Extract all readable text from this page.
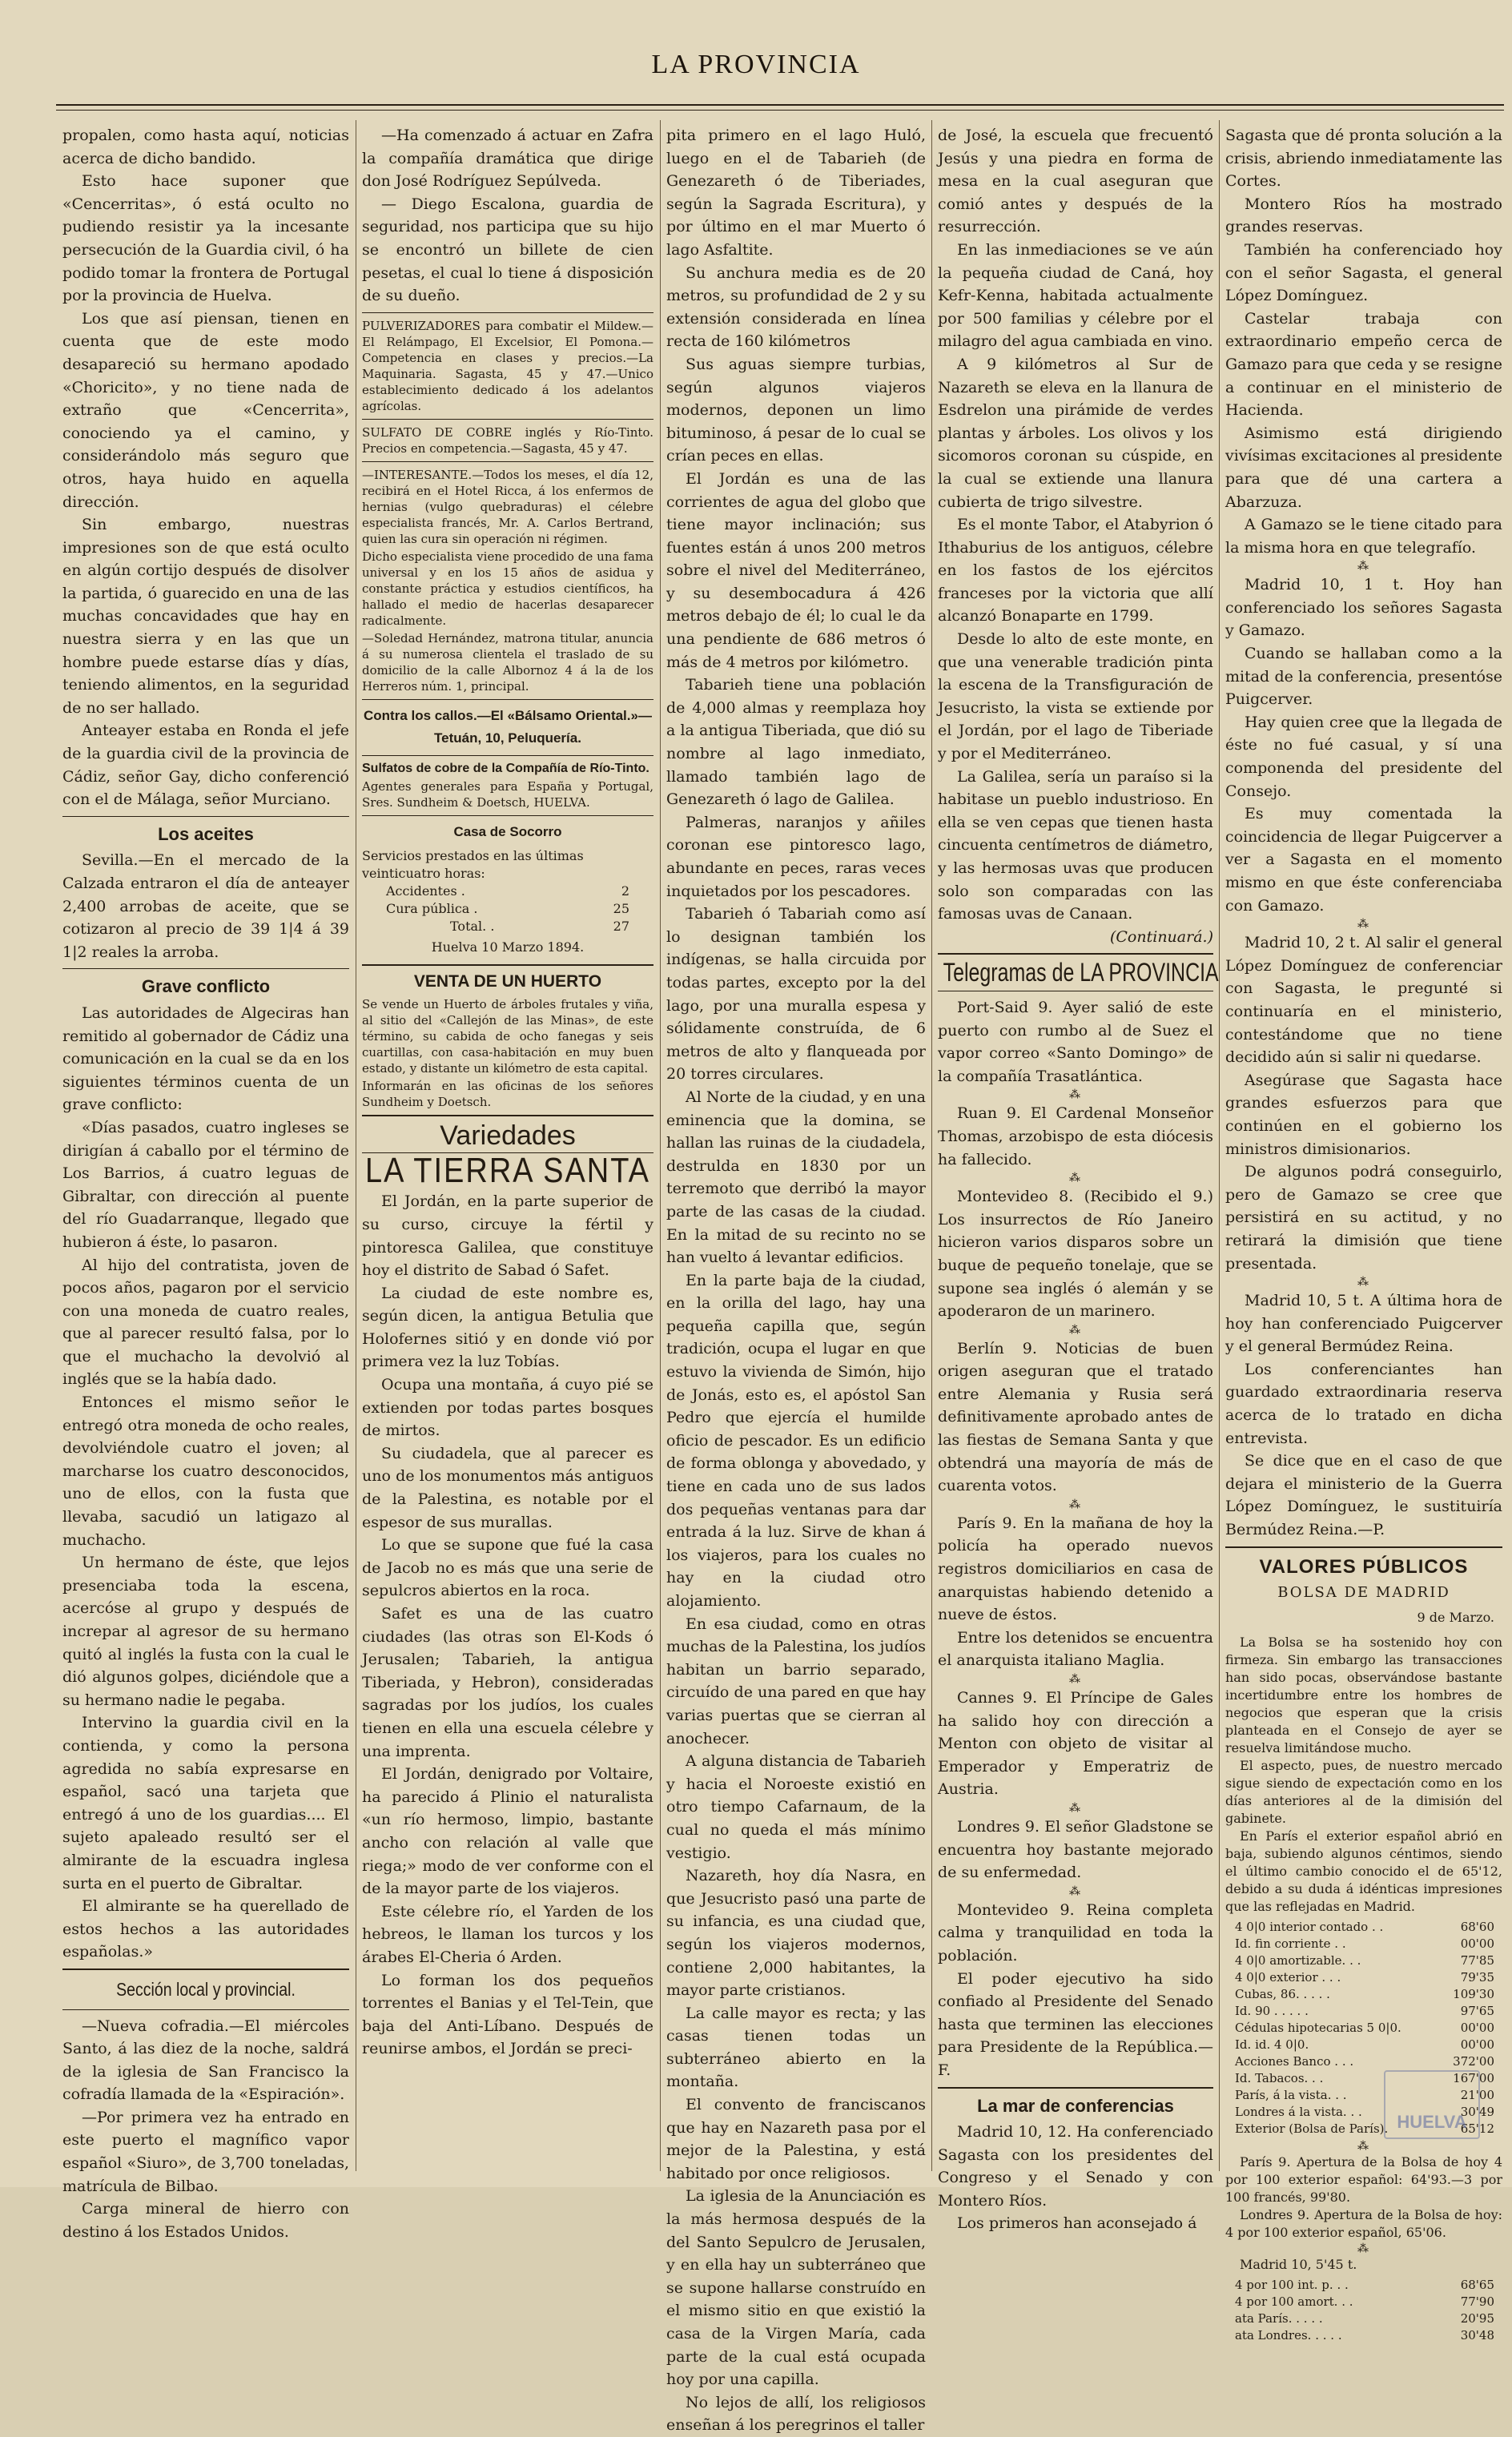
LA PROVINCIA

propalen, como hasta aquí, noticias acerca de dicho bandido.

Esto hace suponer que «Cencerritas», ó está oculto no pudiendo resistir ya la incesante persecución de la Guardia civil, ó ha podido tomar la frontera de Portugal por la provincia de Huelva.

Los que así piensan, tienen en cuenta que de este modo desapareció su hermano apodado «Choricito», y no tiene nada de extraño que «Cencerrita», conociendo ya el camino, y considerándolo más seguro que otros, haya huido en aquella dirección.

Sin embargo, nuestras impresiones son de que está oculto en algún cortijo después de disolver la partida, ó guarecido en una de las muchas concavidades que hay en nuestra sierra y en las que un hombre puede estarse días y días, teniendo alimentos, en la seguridad de no ser hallado.

Anteayer estaba en Ronda el jefe de la guardia civil de la provincia de Cádiz, señor Gay, dicho conferenció con el de Málaga, señor Murciano.

Los aceites

Sevilla.—En el mercado de la Calzada entraron el día de anteayer 2,400 arrobas de aceite, que se cotizaron al precio de 39 1|4 á 39 1|2 reales la arroba.

Grave conflicto

Las autoridades de Algeciras han remitido al gobernador de Cádiz una comunicación en la cual se da en los siguientes términos cuenta de un grave conflicto:

«Días pasados, cuatro ingleses se dirigían á caballo por el término de Los Barrios, á cuatro leguas de Gibraltar, con dirección al puente del río Guadarranque, llegado que hubieron á éste, lo pasaron.

Al hijo del contratista, joven de pocos años, pagaron por el servicio con una moneda de cuatro reales, que al parecer resultó falsa, por lo que el muchacho la devolvió al inglés que se la había dado.

Entonces el mismo señor le entregó otra moneda de ocho reales, devolviéndole cuatro el joven; al marcharse los cuatro desconocidos, uno de ellos, con la fusta que llevaba, sacudió un latigazo al muchacho.

Un hermano de éste, que lejos presenciaba toda la escena, acercóse al grupo y después de increpar al agresor de su hermano quitó al inglés la fusta con la cual le dió algunos golpes, diciéndole que a su hermano nadie le pegaba.

Intervino la guardia civil en la contienda, y como la persona agredida no sabía expresarse en español, sacó una tarjeta que entregó á uno de los guardias.... El sujeto apaleado resultó ser el almirante de la escuadra inglesa surta en el puerto de Gibraltar.

El almirante se ha querellado de estos hechos a las autoridades españolas.»

Sección local y provincial.

—Nueva cofradia.—El miércoles Santo, á las diez de la noche, saldrá de la iglesia de San Francisco la cofradía llamada de la «Espiración».

—Por primera vez ha entrado en este puerto el magnífico vapor español «Siuro», de 3,700 toneladas, matrícula de Bilbao.

Carga mineral de hierro con destino á los Estados Unidos.

—Ha comenzado á actuar en Zafra la compañía dramática que dirige don José Rodríguez Sepúlveda.

— Diego Escalona, guardia de seguridad, nos participa que su hijo se encontró un billete de cien pesetas, el cual lo tiene á disposición de su dueño.

PULVERIZADORES para combatir el Mildew.—El Relámpago, El Excelsior, El Pomona.—Competencia en clases y precios.—La Maquinaria. Sagasta, 45 y 47.—Unico establecimiento dedicado á los adelantos agrícolas.

SULFATO DE COBRE inglés y Río-Tinto. Precios en competencia.—Sagasta, 45 y 47.

—INTERESANTE.—Todos los meses, el día 12, recibirá en el Hotel Ricca, á los enfermos de hernias (vulgo quebraduras) el célebre especialista francés, Mr. A. Carlos Bertrand, quien las cura sin operación ni régimen.

Dicho especialista viene procedido de una fama universal y en los 15 años de asidua y constante práctica y estudios científicos, ha hallado el medio de hacerlas desaparecer radicalmente.

—Soledad Hernández, matrona titular, anuncia á su numerosa clientela el traslado de su domicilio de la calle Albornoz 4 á la de los Herreros núm. 1, principal.

Contra los callos.—El «Bálsamo Oriental.»—Tetuán, 10, Peluquería.

Sulfatos de cobre de la Compañía de Río-Tinto.

Agentes generales para España y Portugal, Sres. Sundheim & Doetsch, HUELVA.

Casa de Socorro
Servicios prestados en las últimas veinticuatro horas:
Accidentes .	2
Cura pública .	25
Total. .	27
Huelva 10 Marzo 1894.
VENTA DE UN HUERTO

Se vende un Huerto de árboles frutales y viña, al sitio del «Callejón de las Minas», de este término, su cabida de ocho fanegas y seis cuartillas, con casa-habitación en muy buen estado, y distante un kilómetro de esta capital.

Informarán en las oficinas de los señores Sundheim y Doetsch.

Variedades
LA TIERRA SANTA

El Jordán, en la parte superior de su curso, circuye la fértil y pintoresca Galilea, que constituye hoy el distrito de Sabad ó Safet.

La ciudad de este nombre es, según dicen, la antigua Betulia que Holofernes sitió y en donde vió por primera vez la luz Tobías.

Ocupa una montaña, á cuyo pié se extienden por todas partes bosques de mirtos.

Su ciudadela, que al parecer es uno de los monumentos más antiguos de la Palestina, es notable por el espesor de sus murallas.

Lo que se supone que fué la casa de Jacob no es más que una serie de sepulcros abiertos en la roca.

Safet es una de las cuatro ciudades (las otras son El-Kods ó Jerusalen; Tabarieh, la antigua Tiberiada, y Hebron), consideradas sagradas por los judíos, los cuales tienen en ella una escuela célebre y una imprenta.

El Jordán, denigrado por Voltaire, ha parecido á Plinio el naturalista «un río hermoso, limpio, bastante ancho con relación al valle que riega;» modo de ver conforme con el de la mayor parte de los viajeros.

Este célebre río, el Yarden de los hebreos, le llaman los turcos y los árabes El-Cheria ó Arden.

Lo forman los dos pequeños torrentes el Banias y el Tel-Tein, que baja del Anti-Líbano. Después de reunirse ambos, el Jordán se preci-

pita primero en el lago Huló, luego en el de Tabarieh (de Genezareth ó de Tiberiades, según la Sagrada Escritura), y por último en el mar Muerto ó lago Asfaltite.

Su anchura media es de 20 metros, su profundidad de 2 y su extensión considerada en línea recta de 160 kilómetros

Sus aguas siempre turbias, según algunos viajeros modernos, deponen un limo bituminoso, á pesar de lo cual se crían peces en ellas.

El Jordán es una de las corrientes de agua del globo que tiene mayor inclinación; sus fuentes están á unos 200 metros sobre el nivel del Mediterráneo, y su desembocadura á 426 metros debajo de él; lo cual le da una pendiente de 686 metros ó más de 4 metros por kilómetro.

Tabarieh tiene una población de 4,000 almas y reemplaza hoy a la antigua Tiberiada, que dió su nombre al lago inmediato, llamado también lago de Genezareth ó lago de Galilea.

Palmeras, naranjos y añiles coronan ese pintoresco lago, abundante en peces, raras veces inquietados por los pescadores.

Tabarieh ó Tabariah como así lo designan también los indígenas, se halla circuida por todas partes, excepto por la del lago, por una muralla espesa y sólidamente construída, de 6 metros de alto y flanqueada por 20 torres circulares.

Al Norte de la ciudad, y en una eminencia que la domina, se hallan las ruinas de la ciudadela, destrulda en 1830 por un terremoto que derribó la mayor parte de las casas de la ciudad. En la mitad de su recinto no se han vuelto á levantar edificios.

En la parte baja de la ciudad, en la orilla del lago, hay una pequeña capilla que, según tradición, ocupa el lugar en que estuvo la vivienda de Simón, hijo de Jonás, esto es, el apóstol San Pedro que ejercía el humilde oficio de pescador. Es un edificio de forma oblonga y abovedado, y tiene en cada uno de sus lados dos pequeñas ventanas para dar entrada á la luz. Sirve de khan á los viajeros, para los cuales no hay en la ciudad otro alojamiento.

En esa ciudad, como en otras muchas de la Palestina, los judíos habitan un barrio separado, circuído de una pared en que hay varias puertas que se cierran al anochecer.

A alguna distancia de Tabarieh y hacia el Noroeste existió en otro tiempo Cafarnaum, de la cual no queda el más mínimo vestigio.

Nazareth, hoy día Nasra, en que Jesucristo pasó una parte de su infancia, es una ciudad que, según los viajeros modernos, contiene 2,000 habitantes, la mayor parte cristianos.

La calle mayor es recta; y las casas tienen todas un subterráneo abierto en la montaña.

El convento de franciscanos que hay en Nazareth pasa por el mejor de la Palestina, y está habitado por once religiosos.

La iglesia de la Anunciación es la más hermosa después de la del Santo Sepulcro de Jerusalen, y en ella hay un subterráneo que se supone hallarse construído en el mismo sitio en que existió la casa de la Virgen María, cada parte de la cual está ocupada hoy por una capilla.

No lejos de allí, los religiosos enseñan á los peregrinos el taller

de José, la escuela que frecuentó Jesús y una piedra en forma de mesa en la cual aseguran que comió antes y después de la resurrección.

En las inmediaciones se ve aún la pequeña ciudad de Caná, hoy Kefr-Kenna, habitada actualmente por 500 familias y célebre por el milagro del agua cambiada en vino.

A 9 kilómetros al Sur de Nazareth se eleva en la llanura de Esdrelon una pirámide de verdes plantas y árboles. Los olivos y los sicomoros coronan su cúspide, en la cual se extiende una llanura cubierta de trigo silvestre.

Es el monte Tabor, el Atabyrion ó Ithaburius de los antiguos, célebre en los fastos de los ejércitos franceses por la victoria que allí alcanzó Bonaparte en 1799.

Desde lo alto de este monte, en que una venerable tradición pinta la escena de la Transfiguración de Jesucristo, la vista se extiende por el Jordán, por el lago de Tiberiade y por el Mediterráneo.

La Galilea, sería un paraíso si la habitase un pueblo industrioso. En ella se ven cepas que tienen hasta cincuenta centímetros de diámetro, y las hermosas uvas que producen solo son comparadas con las famosas uvas de Canaan.

(Continuará.)

Telegramas de LA PROVINCIA

Port-Said 9. Ayer salió de este puerto con rumbo al de Suez el vapor correo «Santo Domingo» de la compañía Trasatlántica.

⁂

Ruan 9. El Cardenal Monseñor Thomas, arzobispo de esta diócesis ha fallecido.

⁂

Montevideo 8. (Recibido el 9.) Los insurrectos de Río Janeiro hicieron varios disparos sobre un buque de pequeño tonelaje, que se supone sea inglés ó alemán y se apoderaron de un marinero.

⁂

Berlín 9. Noticias de buen origen aseguran que el tratado entre Alemania y Rusia será definitivamente aprobado antes de las fiestas de Semana Santa y que obtendrá una mayoría de más de cuarenta votos.

⁂

París 9. En la mañana de hoy la policía ha operado nuevos registros domiciliarios en casa de anarquistas habiendo detenido a nueve de éstos.

Entre los detenidos se encuentra el anarquista italiano Maglia.

⁂

Cannes 9. El Príncipe de Gales ha salido hoy con dirección a Menton con objeto de visitar al Emperador y Emperatriz de Austria.

⁂

Londres 9. El señor Gladstone se encuentra hoy bastante mejorado de su enfermedad.

⁂

Montevideo 9. Reina completa calma y tranquilidad en toda la población.

El poder ejecutivo ha sido confiado al Presidente del Senado hasta que terminen las elecciones para Presidente de la República.—F.

La mar de conferencias

Madrid 10, 12. Ha conferenciado Sagasta con los presidentes del Congreso y el Senado y con Montero Ríos.

Los primeros han aconsejado á

Sagasta que dé pronta solución a la crisis, abriendo inmediatamente las Cortes.

Montero Ríos ha mostrado grandes reservas.

También ha conferenciado hoy con el señor Sagasta, el general López Domínguez.

Castelar trabaja con extraordinario empeño cerca de Gamazo para que ceda y se resigne a continuar en el ministerio de Hacienda.

Asimismo está dirigiendo vivísimas excitaciones al presidente para que dé una cartera a Abarzuza.

A Gamazo se le tiene citado para la misma hora en que telegrafío.

⁂

Madrid 10, 1 t. Hoy han conferenciado los señores Sagasta y Gamazo.

Cuando se hallaban como a la mitad de la conferencia, presentóse Puigcerver.

Hay quien cree que la llegada de éste no fué casual, y sí una componenda del presidente del Consejo.

Es muy comentada la coincidencia de llegar Puigcerver a ver a Sagasta en el momento mismo en que éste conferenciaba con Gamazo.

⁂

Madrid 10, 2 t. Al salir el general López Domínguez de conferenciar con Sagasta, le pregunté si continuaría en el ministerio, contestándome que no tiene decidido aún si salir ni quedarse.

Asegúrase que Sagasta hace grandes esfuerzos para que continúen en el gobierno los ministros dimisionarios.

De algunos podrá conseguirlo, pero de Gamazo se cree que persistirá en su actitud, y no retirará la dimisión que tiene presentada.

⁂

Madrid 10, 5 t. A última hora de hoy han conferenciado Puigcerver y el general Bermúdez Reina.

Los conferenciantes han guardado extraordinaria reserva acerca de lo tratado en dicha entrevista.

Se dice que en el caso de que dejara el ministerio de la Guerra López Domínguez, le sustituiría Bermúdez Reina.—P.

VALORES PÚBLICOS
BOLSA DE MADRID
9 de Marzo.

La Bolsa se ha sostenido hoy con firmeza. Sin embargo las transacciones han sido pocas, observándose bastante incertidumbre entre los hombres de negocios que esperan que la crisis planteada en el Consejo de ayer se resuelva limitándose mucho.

El aspecto, pues, de nuestro mercado sigue siendo de expectación como en los días anteriores al de la dimisión del gabinete.

En París el exterior español abrió en baja, subiendo algunos céntimos, siendo el último cambio conocido el de 65'12, debido a su duda á idénticas impresiones que las reflejadas en Madrid.

4 0|0 interior contado . .	68'60
Id. fin corriente . .	00'00
4 0|0 amortizable. . .	77'85
4 0|0 exterior . . .	79'35
Cubas, 86. . . . .	109'30
Id. 90 . . . . .	97'65
Cédulas hipotecarias 5 0|0.	00'00
Id. id. 4 0|0.	00'00
Acciones Banco . . .	372'00
Id. Tabacos. . .	167'00
París, á la vista. . .	21'00
Londres á la vista. . .	30'49
Exterior (Bolsa de París).	65'12
⁂

París 9. Apertura de la Bolsa de hoy 4 por 100 exterior español: 64'93.—3 por 100 francés, 99'80.

Londres 9. Apertura de la Bolsa de hoy: 4 por 100 exterior español, 65'06.

⁂

Madrid 10, 5'45 t.

4 por 100 int. p. . .	68'65
4 por 100 amort. . .	77'90
ata París. . . . .	20'95
ata Londres. . . . .	30'48
HUELVA
